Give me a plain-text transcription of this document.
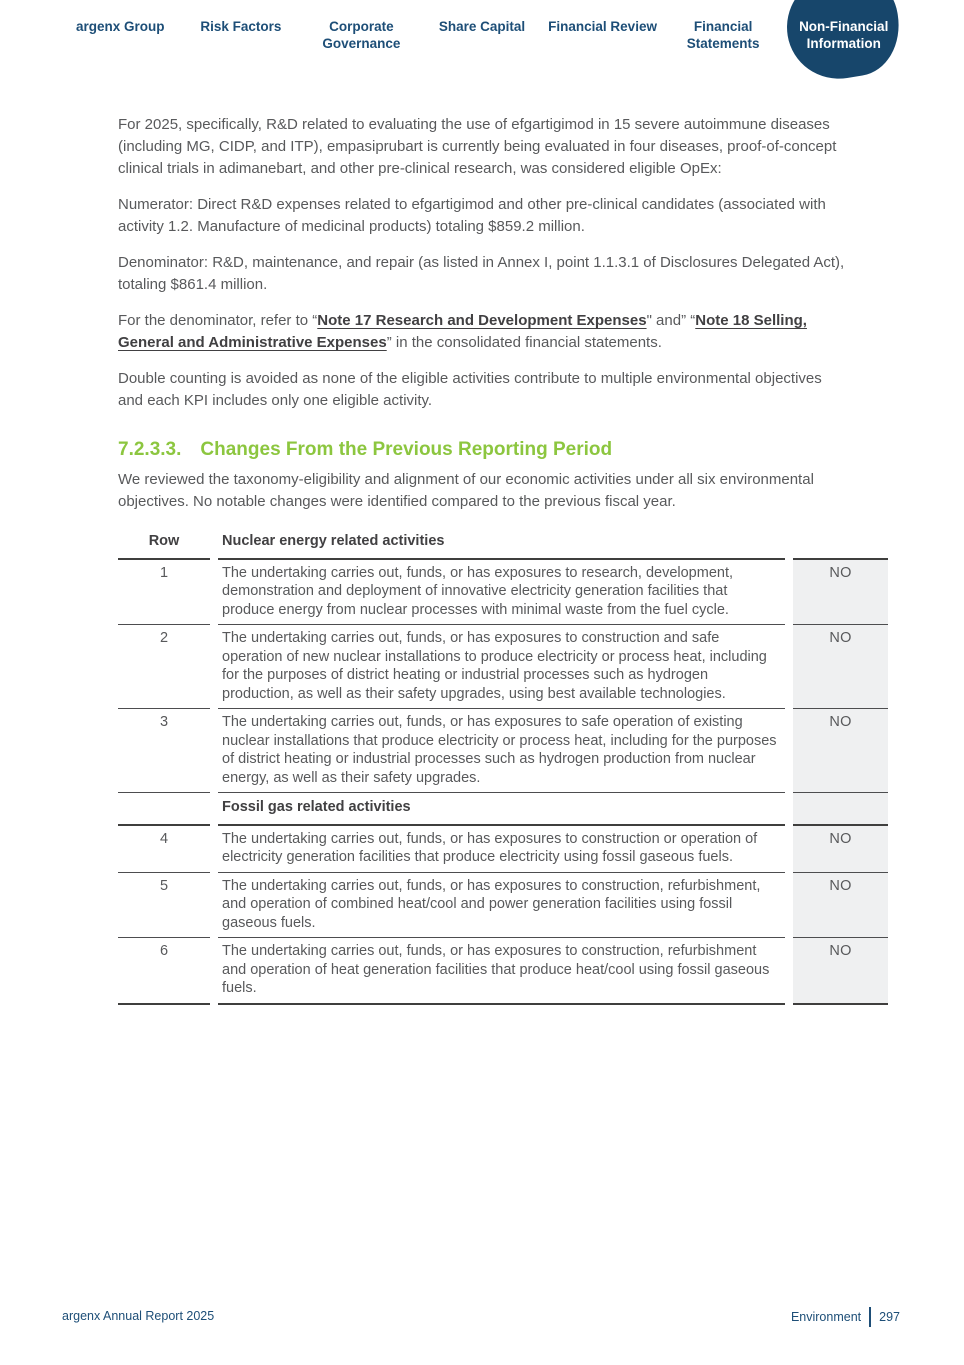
argenx Group	Risk Factors	Corporate Governance
Share Capital	Financial Review	Financial Statements
Non-Financial Information

For 2025, specifically, R&D related to evaluating the use of efgartigimod in 15 severe autoimmune diseases (including MG, CIDP, and ITP), empasiprubart is currently being evaluated in four diseases, proof-of-concept clinical trials in adimanebart, and other pre-clinical research, was considered eligible OpEx:

Numerator: Direct R&D expenses related to efgartigimod and other pre-clinical candidates (associated with activity 1.2. Manufacture of medicinal products) totaling $859.2 million.

Denominator: R&D, maintenance, and repair (as listed in Annex I, point 1.1.3.1 of Disclosures Delegated Act), totaling $861.4 million.

For the denominator, refer to “Note 17 Research and Development Expenses" and” “Note 18 Selling, General and Administrative Expenses” in the consolidated financial statements.

Double counting is avoided as none of the eligible activities contribute to multiple environmental objectives and each KPI includes only one eligible activity.

7.2.3.3. Changes From the Previous Reporting Period

We reviewed the taxonomy-eligibility and alignment of our economic activities under all six environmental objectives. No notable changes were identified compared to the previous fiscal year.

Row	Nuclear energy related activities	
1	The undertaking carries out, funds, or has exposures to research, development, demonstration and deployment of innovative electricity generation facilities that produce energy from nuclear processes with minimal waste from the fuel cycle.	NO
2	The undertaking carries out, funds, or has exposures to construction and safe operation of new nuclear installations to produce electricity or process heat, including for the purposes of district heating or industrial processes such as hydrogen production, as well as their safety upgrades, using best available technologies.	NO
3	The undertaking carries out, funds, or has exposures to safe operation of existing nuclear installations that produce electricity or process heat, including for the purposes of district heating or industrial processes such as hydrogen production from nuclear energy, as well as their safety upgrades.	NO
	Fossil gas related activities	
4	The undertaking carries out, funds, or has exposures to construction or operation of electricity generation facilities that produce electricity using fossil gaseous fuels.	NO
5	The undertaking carries out, funds, or has exposures to construction, refurbishment, and operation of combined heat/cool and power generation facilities using fossil gaseous fuels.	NO
6	The undertaking carries out, funds, or has exposures to construction, refurbishment and operation of heat generation facilities that produce heat/cool using fossil gaseous fuels.	NO
argenx Annual Report 2025	Environment 297
